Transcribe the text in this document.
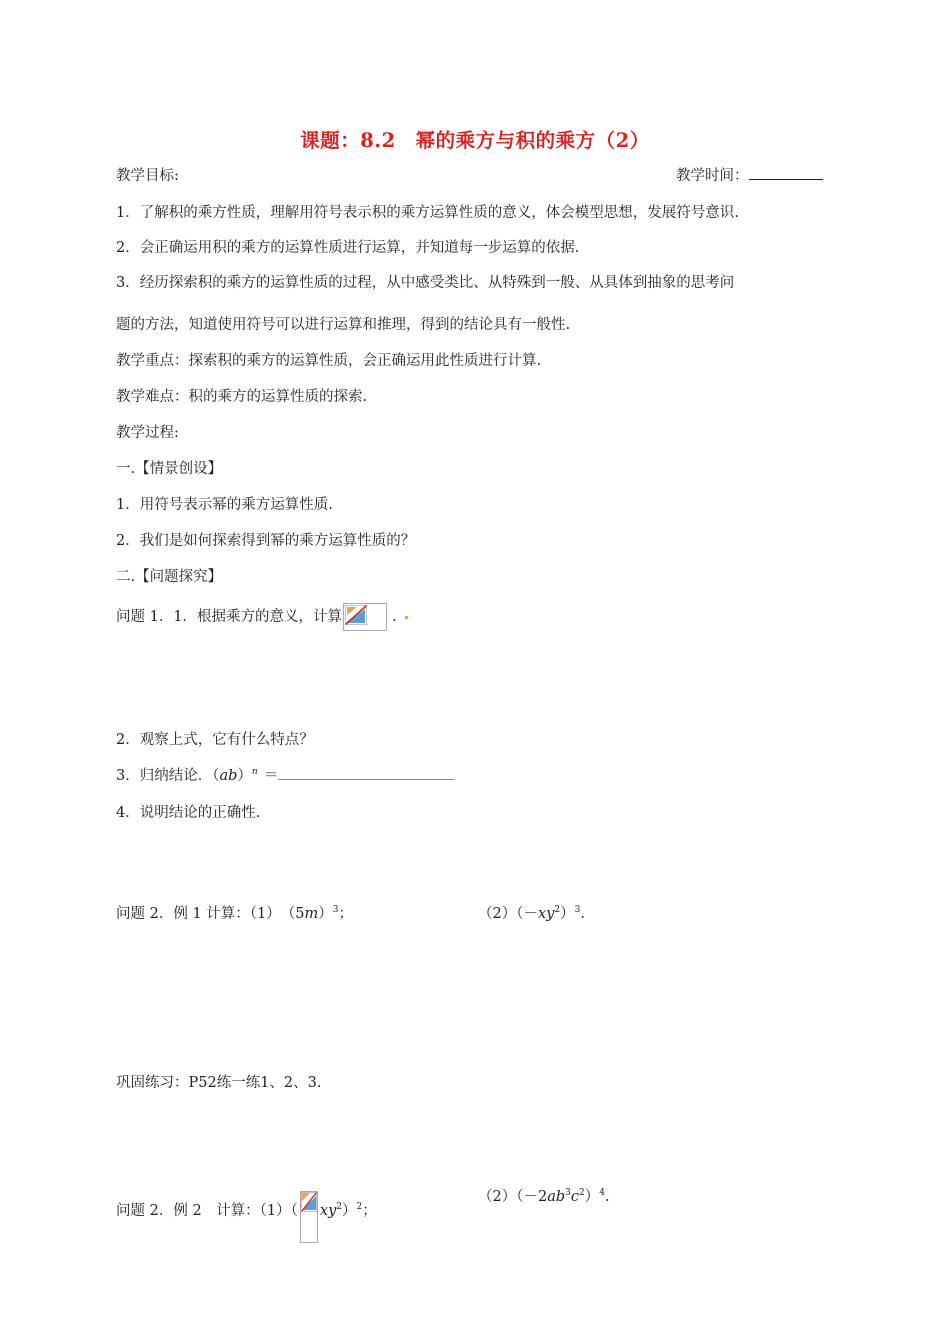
课题：8.2　幂的乘方与积的乘方（2）
教学目标:	教学时间：
1．了解积的乘方性质，理解用符号表示积的乘方运算性质的意义，体会模型思想，发展符号意识.
2．会正确运用积的乘方的运算性质进行运算，并知道每一步运算的依据.
3．经历探索积的乘方的运算性质的过程，从中感受类比、从特殊到一般、从具体到抽象的思考问
题的方法，知道使用符号可以进行运算和推理，得到的结论具有一般性.
教学重点：探索积的乘方的运算性质，会正确运用此性质进行计算.
教学难点：积的乘方的运算性质的探索.
教学过程:
一.【情景创设】
1．用符号表示幂的乘方运算性质.
2．我们是如何探索得到幂的乘方运算性质的？
二.【问题探究】
问题 1．1．根据乘方的意义，计算	.
2．观察上式，它有什么特点？
3．归纳结论．（ab）$^n$ ＝
4．说明结论的正确性.
问题 2．例 1 计算：（1）　$(5m)^3$；	$(2)(-xy^2)^3$.
巩固练习：P52练一练1、2、3.
问题 2．例 2　计算：（1）（ $xy^2)^2$；
$(2)(-2ab^3c^2)^4$.
